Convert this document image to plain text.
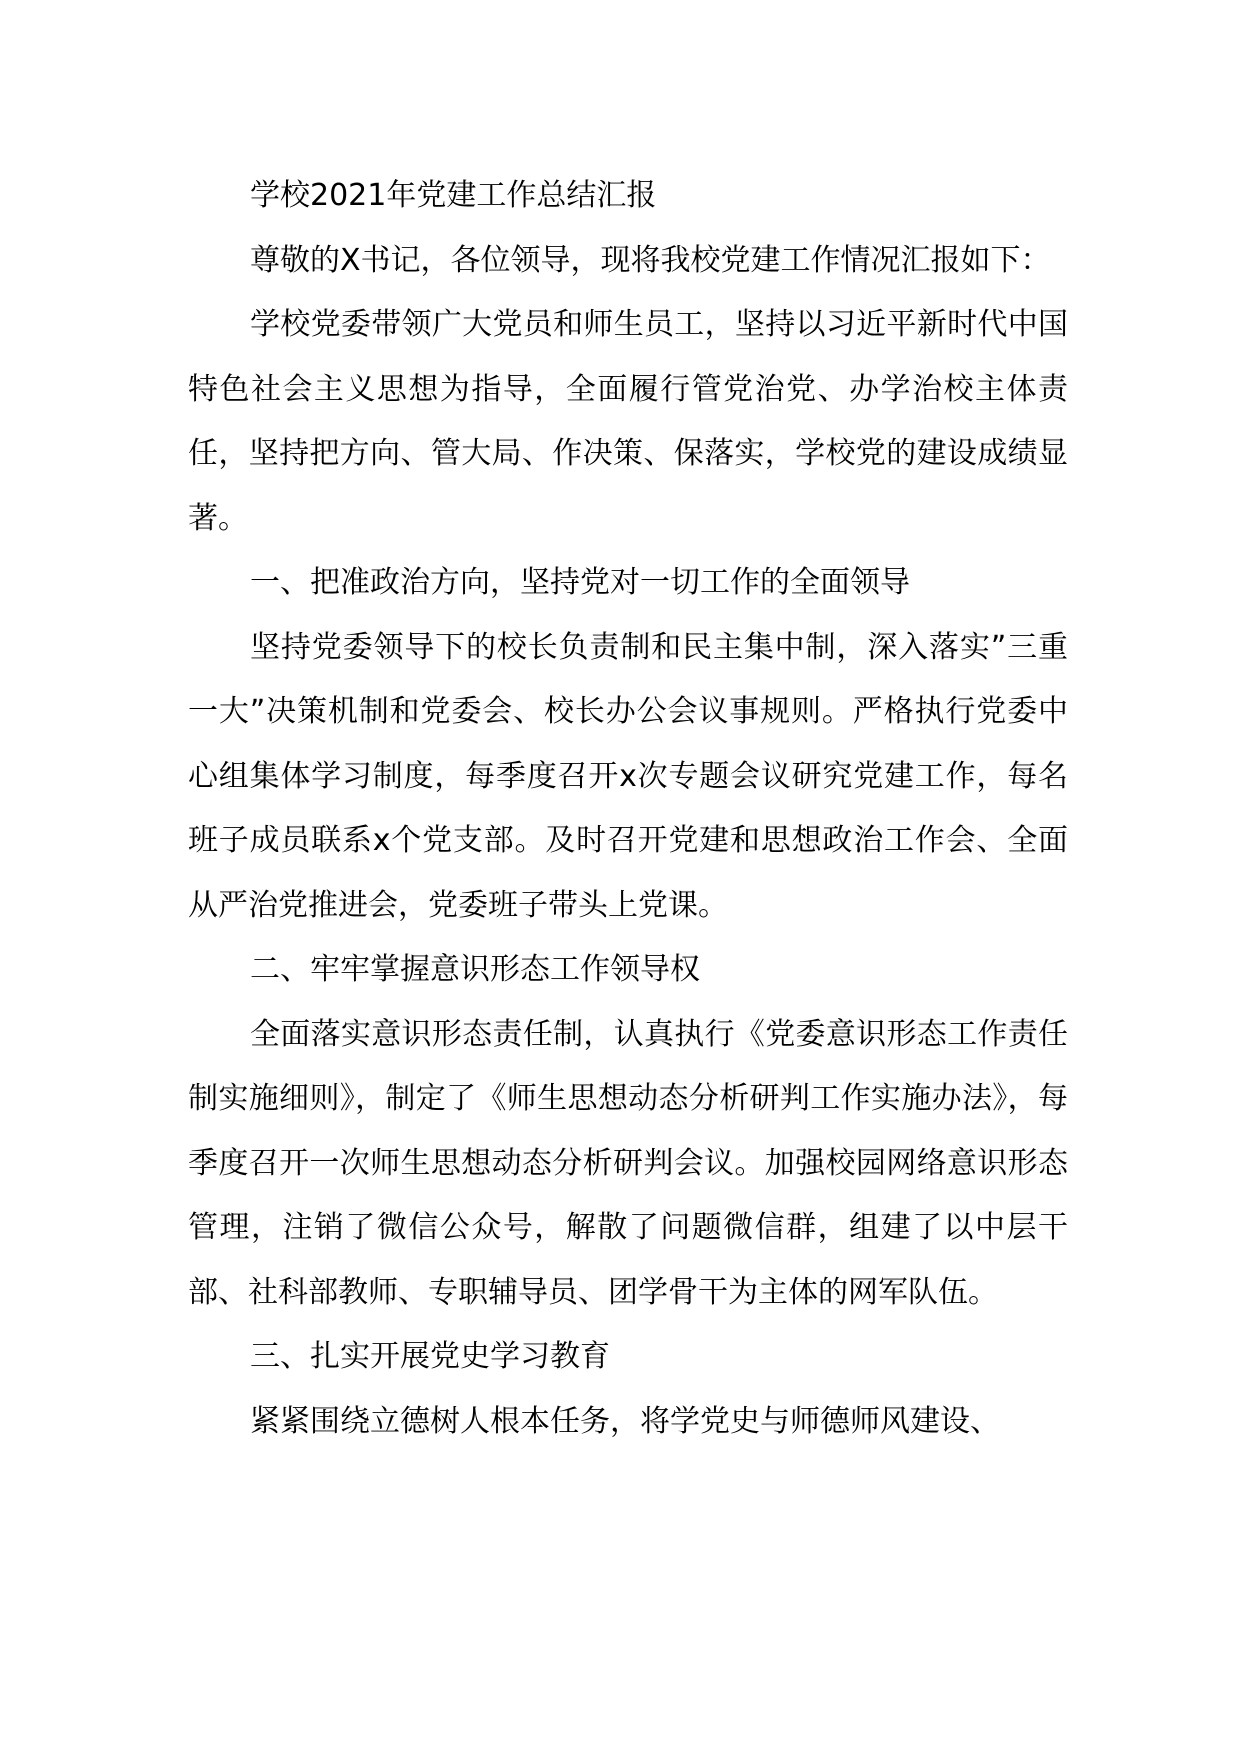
学校2021年党建工作总结汇报

尊敬的X书记，各位领导，现将我校党建工作情况汇报如下：

学校党委带领广大党员和师生员工，坚持以习近平新时代中国特色社会主义思想为指导，全面履行管党治党、办学治校主体责任，坚持把方向、管大局、作决策、保落实，学校党的建设成绩显著。

一、把准政治方向，坚持党对一切工作的全面领导

坚持党委领导下的校长负责制和民主集中制，深入落实”三重一大”决策机制和党委会、校长办公会议事规则。严格执行党委中心组集体学习制度，每季度召开x次专题会议研究党建工作，每名班子成员联系x个党支部。及时召开党建和思想政治工作会、全面从严治党推进会，党委班子带头上党课。

二、牢牢掌握意识形态工作领导权

全面落实意识形态责任制，认真执行《党委意识形态工作责任制实施细则》，制定了《师生思想动态分析研判工作实施办法》，每季度召开一次师生思想动态分析研判会议。加强校园网络意识形态管理，注销了微信公众号，解散了问题微信群，组建了以中层干部、社科部教师、专职辅导员、团学骨干为主体的网军队伍。

三、扎实开展党史学习教育

紧紧围绕立德树人根本任务，将学党史与师德师风建设、
